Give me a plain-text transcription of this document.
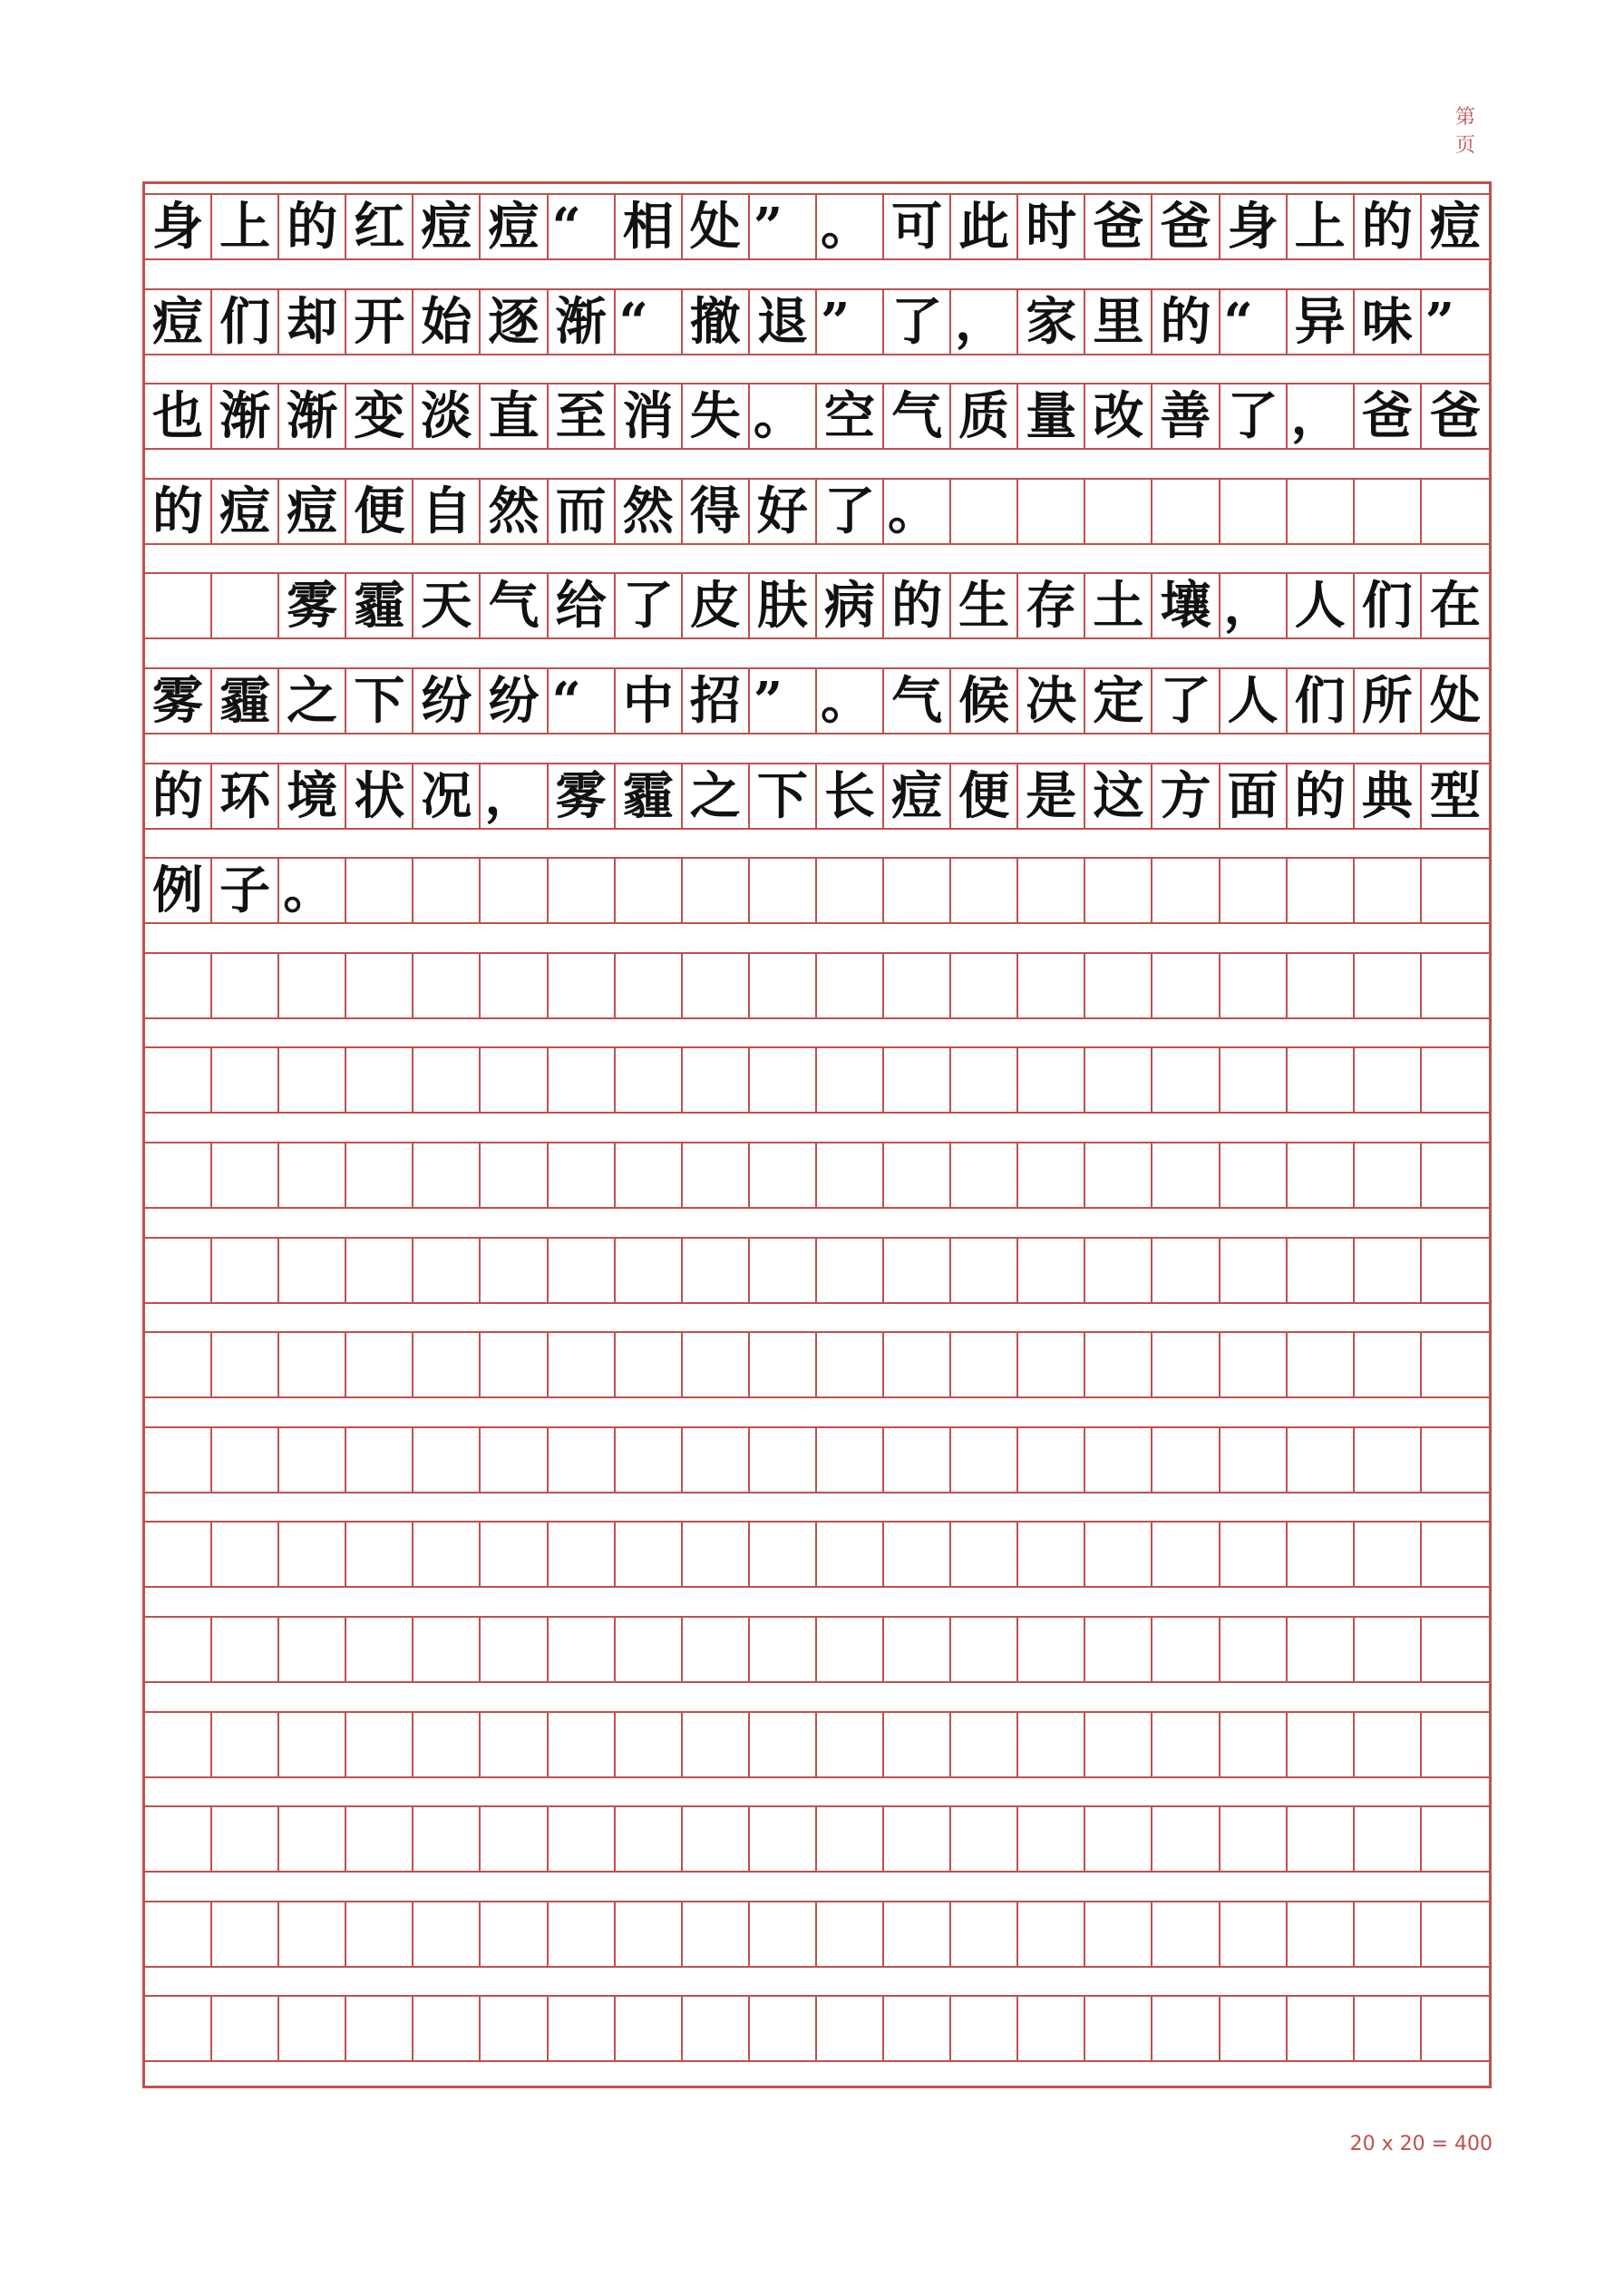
第 页
身 上 的 红 痘 痘 “ 相 处 ” 。 可 此 时 爸 爸 身 上 的 痘
痘 们 却 开 始 逐 渐 “ 撤 退 ” 了 ， 家 里 的 “ 异 味 ”
也 渐 渐 变 淡 直 至 消 失 。 空 气 质 量 改 善 了 ， 爸 爸
的 痘 痘 便 自 然 而 然 得 好 了 。
雾 霾 天 气 给 了 皮 肤 病 的 生 存 土 壤 ， 人 们 在
雾 霾 之 下 纷 纷 “ 中 招 ” 。 气 候 决 定 了 人 们 所 处
的 环 境 状 况 ， 雾 霾 之 下 长 痘 便 是 这 方 面 的 典 型
例 子 。
20 x 20 = 400
